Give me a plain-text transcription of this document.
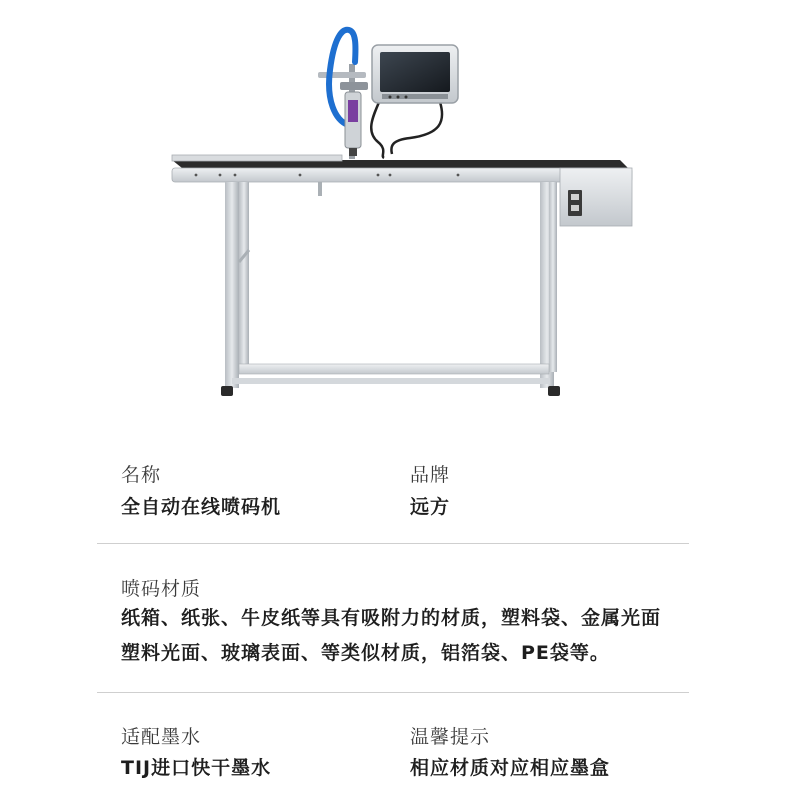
名称
全自动在线喷码机
品牌
远方
喷码材质
纸箱、纸张、牛皮纸等具有吸附力的材质，塑料袋、金属光面
塑料光面、玻璃表面、等类似材质，铝箔袋、PE袋等。
适配墨水
TIJ进口快干墨水
温馨提示
相应材质对应相应墨盒
